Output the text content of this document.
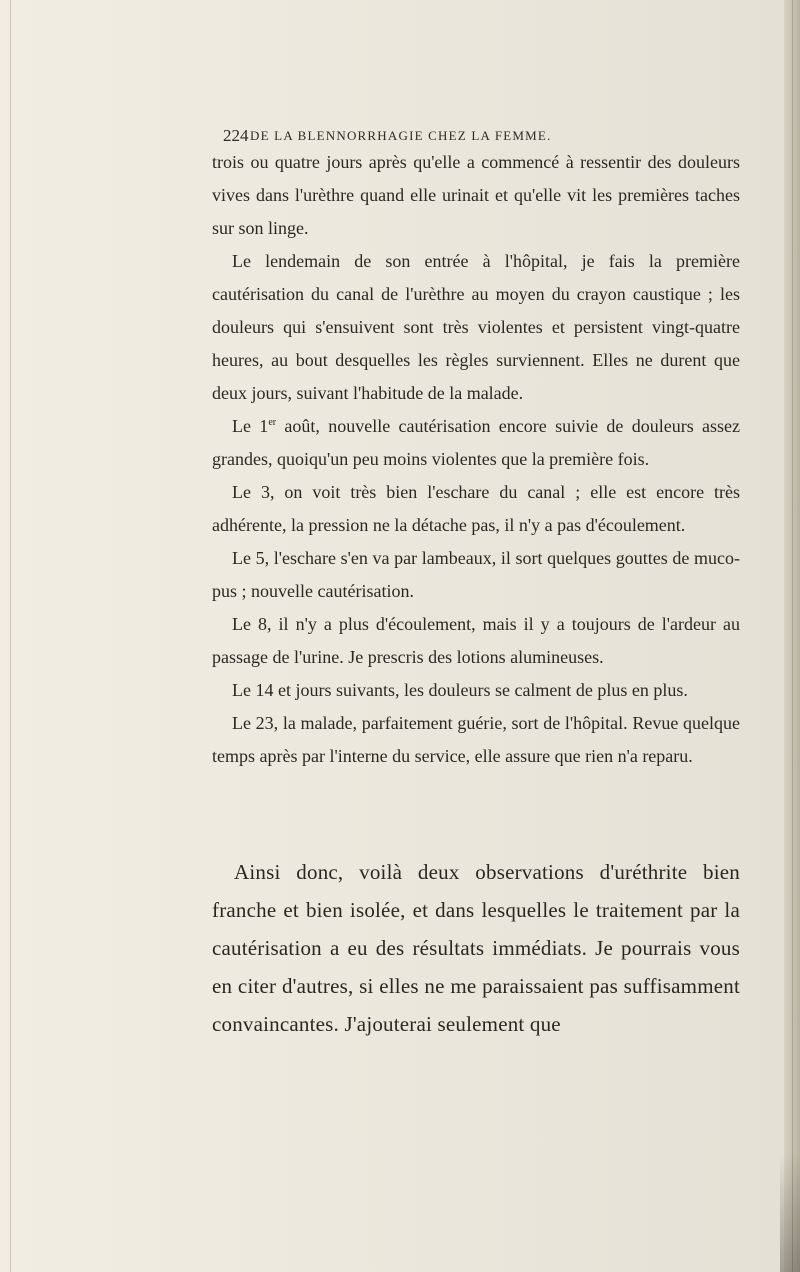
224 DE LA BLENNORRHAGIE CHEZ LA FEMME.

trois ou quatre jours après qu'elle a commencé à ressentir des douleurs vives dans l'urèthre quand elle urinait et qu'elle vit les premières taches sur son linge.

Le lendemain de son entrée à l'hôpital, je fais la première cautérisation du canal de l'urèthre au moyen du crayon caustique ; les douleurs qui s'ensuivent sont très violentes et persistent vingt-quatre heures, au bout desquelles les règles surviennent. Elles ne durent que deux jours, suivant l'habitude de la malade.

Le 1er août, nouvelle cautérisation encore suivie de douleurs assez grandes, quoiqu'un peu moins violentes que la première fois.

Le 3, on voit très bien l'eschare du canal ; elle est encore très adhérente, la pression ne la détache pas, il n'y a pas d'écoulement.

Le 5, l'eschare s'en va par lambeaux, il sort quelques gouttes de muco-pus ; nouvelle cautérisation.

Le 8, il n'y a plus d'écoulement, mais il y a toujours de l'ardeur au passage de l'urine. Je prescris des lotions alumineuses.

Le 14 et jours suivants, les douleurs se calment de plus en plus.

Le 23, la malade, parfaitement guérie, sort de l'hôpital. Revue quelque temps après par l'interne du service, elle assure que rien n'a reparu.

Ainsi donc, voilà deux observations d'uréthrite bien franche et bien isolée, et dans lesquelles le traitement par la cautérisation a eu des résultats immédiats. Je pourrais vous en citer d'autres, si elles ne me paraissaient pas suffisamment convaincantes. J'ajouterai seulement que
